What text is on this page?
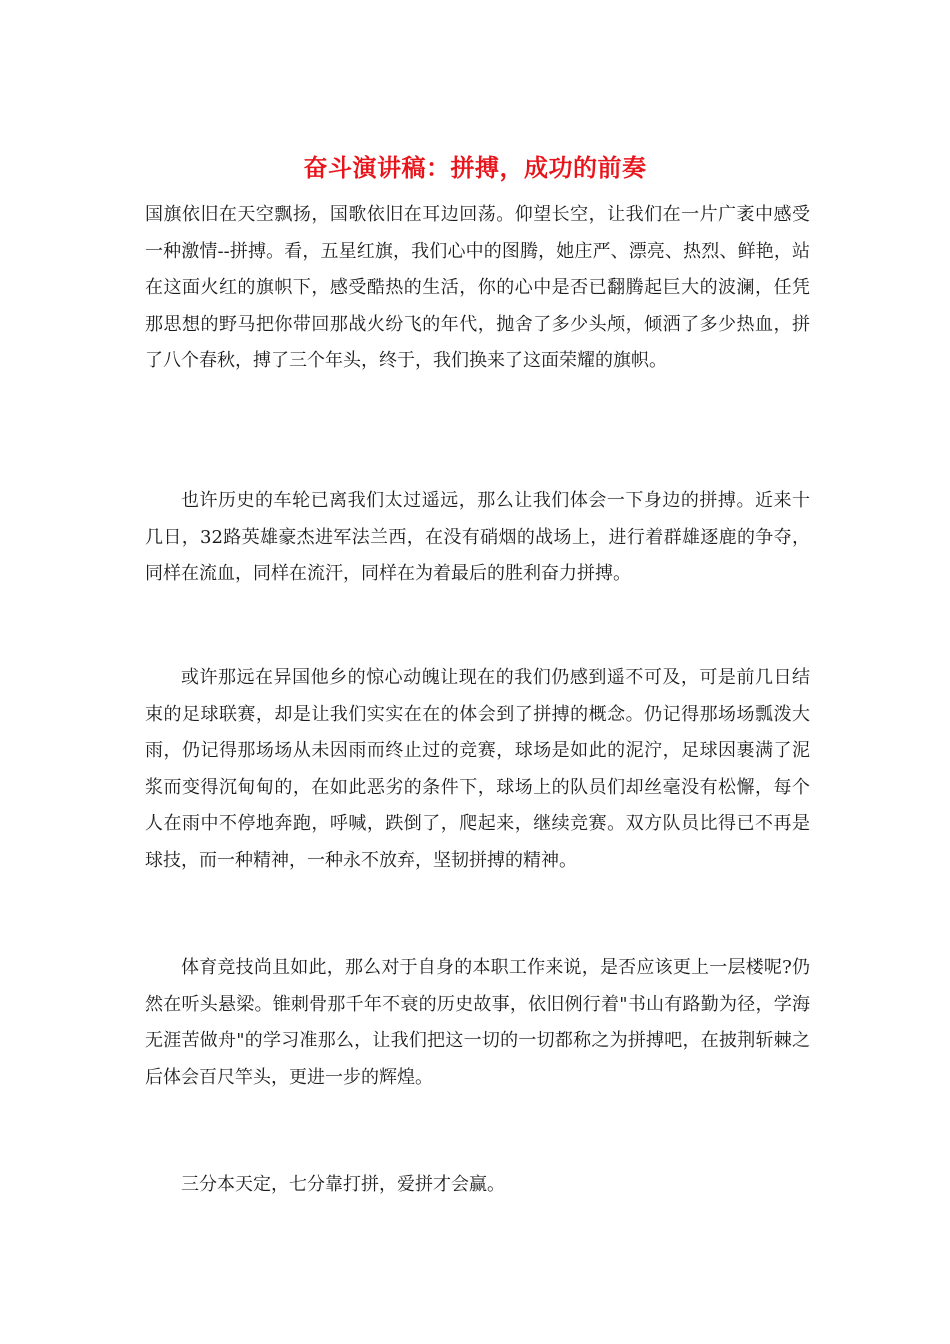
奋斗演讲稿：拼搏，成功的前奏

国旗依旧在天空飘扬，国歌依旧在耳边回荡。仰望长空，让我们在一片广袤中感受一种激情--拼搏。看，五星红旗，我们心中的图腾，她庄严、漂亮、热烈、鲜艳，站在这面火红的旗帜下，感受酷热的生活，你的心中是否已翻腾起巨大的波澜，任凭那思想的野马把你带回那战火纷飞的年代，抛舍了多少头颅，倾洒了多少热血，拼了八个春秋，搏了三个年头，终于，我们换来了这面荣耀的旗帜。

也许历史的车轮已离我们太过遥远，那么让我们体会一下身边的拼搏。近来十几日，32路英雄豪杰进军法兰西，在没有硝烟的战场上，进行着群雄逐鹿的争夺，同样在流血，同样在流汗，同样在为着最后的胜利奋力拼搏。

或许那远在异国他乡的惊心动魄让现在的我们仍感到遥不可及，可是前几日结束的足球联赛，却是让我们实实在在的体会到了拼搏的概念。仍记得那场场瓢泼大雨，仍记得那场场从未因雨而终止过的竞赛，球场是如此的泥泞，足球因裹满了泥浆而变得沉甸甸的，在如此恶劣的条件下，球场上的队员们却丝毫没有松懈，每个人在雨中不停地奔跑，呼喊，跌倒了，爬起来，继续竞赛。双方队员比得已不再是球技，而一种精神，一种永不放弃，坚韧拼搏的精神。

体育竞技尚且如此，那么对于自身的本职工作来说，是否应该更上一层楼呢?仍然在听头悬梁。锥刺骨那千年不衰的历史故事，依旧例行着"书山有路勤为径，学海无涯苦做舟"的学习准那么，让我们把这一切的一切都称之为拼搏吧，在披荆斩棘之后体会百尺竿头，更进一步的辉煌。

三分本天定，七分靠打拼，爱拼才会赢。
